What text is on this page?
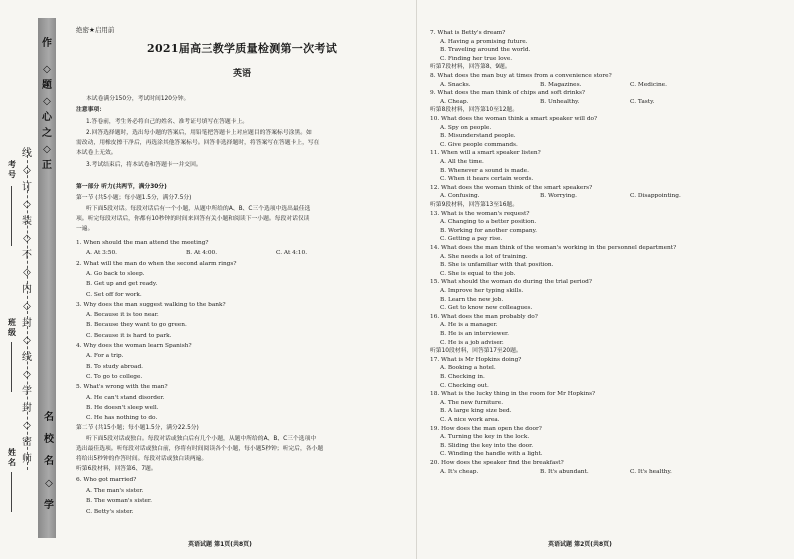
作
◇
题
◇
心
之
◇
正
线
◇
订
◇
装
◇
不
◇
内
◇
封
◇
线
◇
学
封
◇
密
师
考号
班级
姓名
名
校
名
◇
学
绝密★启用前
2021届高三教学质量检测第一次考试
英语
本试卷满分150分，考试时间120分钟。
注意事项：
1.答卷前，考生务必将自己的姓名、准考证号填写在答题卡上。
2.回答选择题时，选出每小题的答案后，用铅笔把答题卡上对应题目的答案标号涂黑。如
需改动，用橡皮擦干净后，再选涂其他答案标号。回答非选择题时，将答案写在答题卡上，写在
本试卷上无效。
3.考试结束后，将本试卷和答题卡一并交回。
第一部分 听力(共两节，满分30分)
第一节 (共5小题；每小题1.5分，满分7.5分)
听下面5段对话。每段对话后有一个小题，从题中所给的A、B、C三个选项中选出最佳选
项。听完每段对话后，你都有10秒钟的时间来回答有关小题和阅读下一小题。每段对话仅读
一遍。
1. When should the man attend the meeting?
A. At 3:50.	B. At 4:00.	C. At 4:10.
2. What will the man do when the second alarm rings?
A. Go back to sleep.
B. Get up and get ready.
C. Set off for work.
3. Why does the man suggest walking to the bank?
A. Because it is too near.
B. Because they want to go green.
C. Because it is hard to park.
4. Why does the woman learn Spanish?
A. For a trip.
B. To study abroad.
C. To go to college.
5. What's wrong with the man?
A. He can't stand disorder.
B. He doesn't sleep well.
C. He has nothing to do.
第二节 (共15小题；每小题1.5分，满分22.5分)
听下面5段对话或独白。每段对话或独白后有几个小题，从题中所给的A、B、C三个选项中
选出最佳选项。听每段对话或独白前，你将有时间阅读各个小题，每小题5秒钟；听完后，各小题
将给出5秒钟的作答时间。每段对话或独白读两遍。
听第6段材料，回答第6、7题。
6. Who got married?
A. The man's sister.
B. The woman's sister.
C. Betty's sister.
英语试题 第1页(共8页)
7. What is Betty's dream?
A. Having a promising future.
B. Traveling around the world.
C. Finding her true love.
听第7段材料，回答第8、9题。
8. What does the man buy at times from a convenience store?
A. Snacks.	B. Magazines.	C. Medicine.
9. What does the man think of chips and soft drinks?
A. Cheap.	B. Unhealthy.	C. Tasty.
听第8段材料，回答第10至12题。
10. What does the woman think a smart speaker will do?
A. Spy on people.
B. Misunderstand people.
C. Give people commands.
11. When will a smart speaker listen?
A. All the time.
B. Whenever a sound is made.
C. When it hears certain words.
12. What does the woman think of the smart speakers?
A. Confusing.	B. Worrying.	C. Disappointing.
听第9段材料，回答第13至16题。
13. What is the woman's request?
A. Changing to a better position.
B. Working for another company.
C. Getting a pay rise.
14. What does the man think of the woman's working in the personnel department?
A. She needs a lot of training.
B. She is unfamiliar with that position.
C. She is equal to the job.
15. What should the woman do during the trial period?
A. Improve her typing skills.
B. Learn the new job.
C. Get to know new colleagues.
16. What does the man probably do?
A. He is a manager.
B. He is an interviewer.
C. He is a job adviser.
听第10段材料，回答第17至20题。
17. What is Mr Hopkins doing?
A. Booking a hotel.
B. Checking in.
C. Checking out.
18. What is the lucky thing in the room for Mr Hopkins?
A. The new furniture.
B. A large king size bed.
C. A nice work area.
19. How does the man open the door?
A. Turning the key in the lock.
B. Sliding the key into the door.
C. Winding the handle with a light.
20. How does the speaker find the breakfast?
A. It's cheap.	B. It's abundant.	C. It's healthy.
英语试题 第2页(共8页)
